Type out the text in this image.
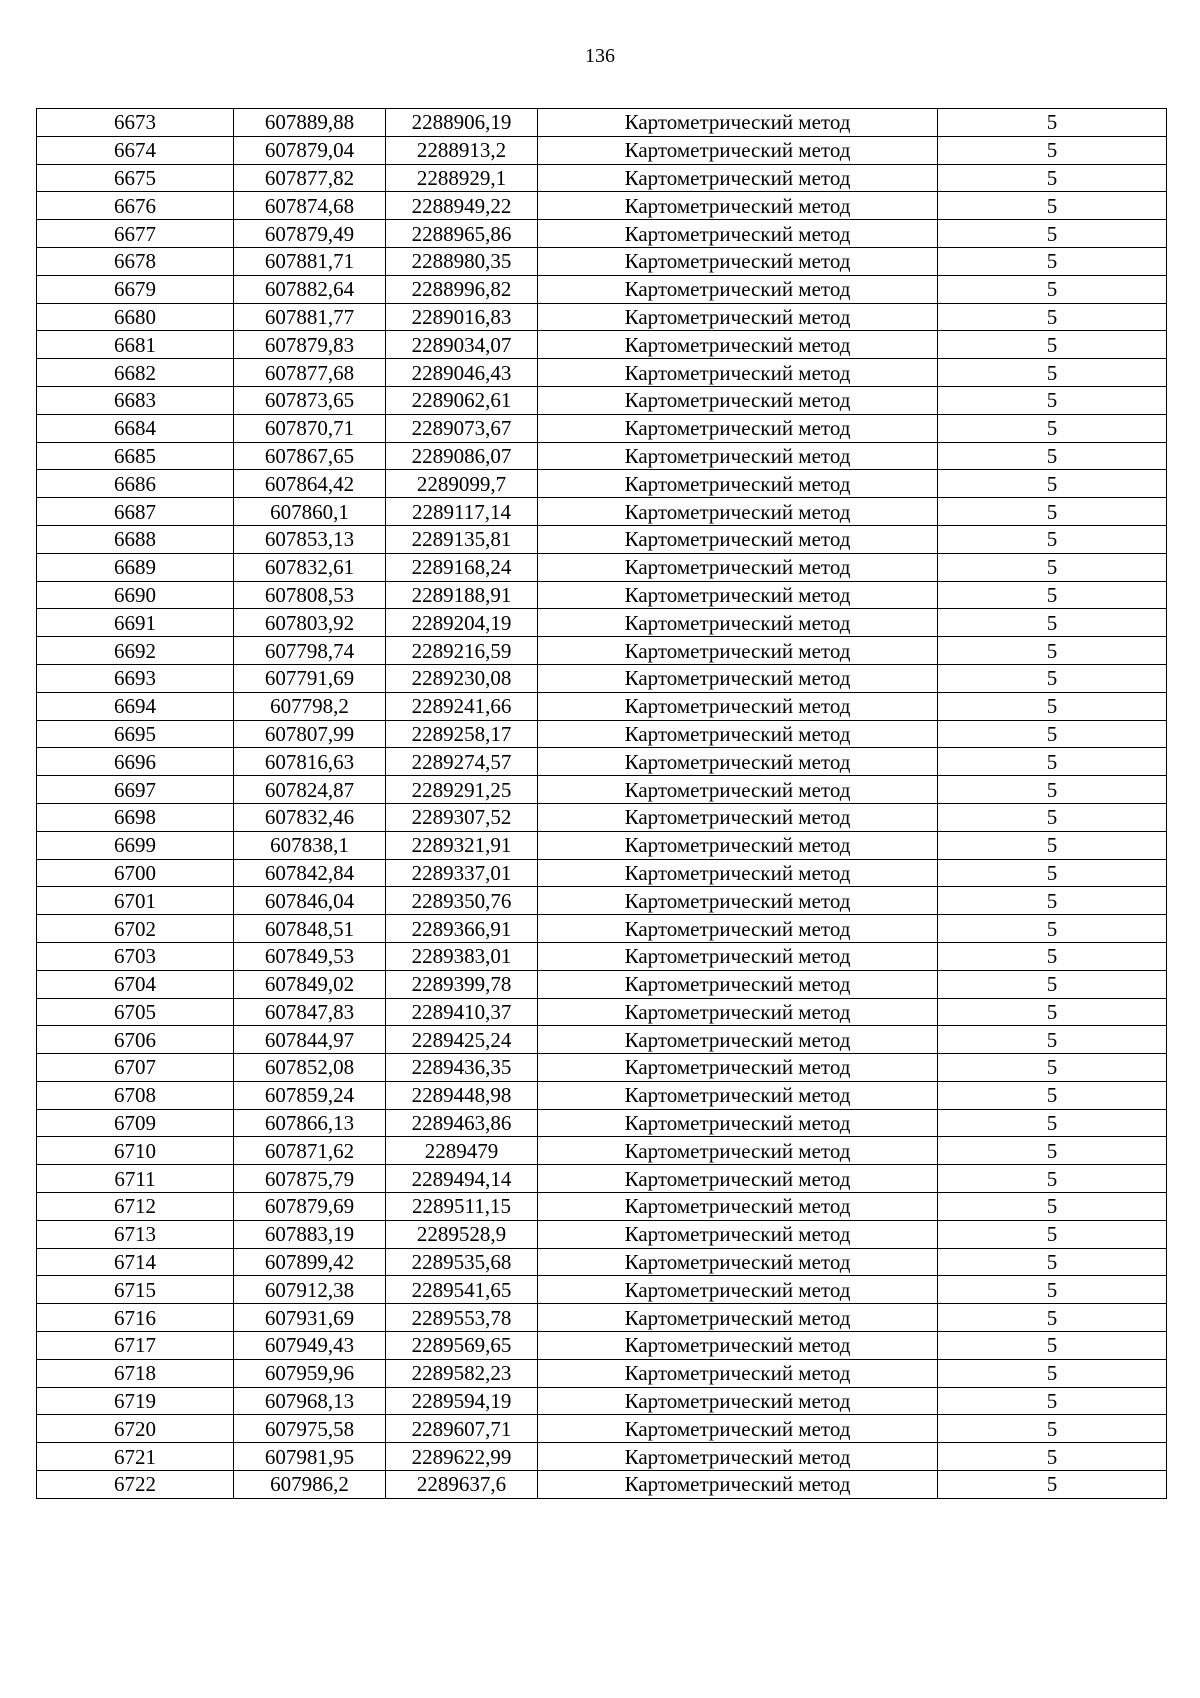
136
6673	607889,88	2288906,19	Картометрический метод	5
6674	607879,04	2288913,2	Картометрический метод	5
6675	607877,82	2288929,1	Картометрический метод	5
6676	607874,68	2288949,22	Картометрический метод	5
6677	607879,49	2288965,86	Картометрический метод	5
6678	607881,71	2288980,35	Картометрический метод	5
6679	607882,64	2288996,82	Картометрический метод	5
6680	607881,77	2289016,83	Картометрический метод	5
6681	607879,83	2289034,07	Картометрический метод	5
6682	607877,68	2289046,43	Картометрический метод	5
6683	607873,65	2289062,61	Картометрический метод	5
6684	607870,71	2289073,67	Картометрический метод	5
6685	607867,65	2289086,07	Картометрический метод	5
6686	607864,42	2289099,7	Картометрический метод	5
6687	607860,1	2289117,14	Картометрический метод	5
6688	607853,13	2289135,81	Картометрический метод	5
6689	607832,61	2289168,24	Картометрический метод	5
6690	607808,53	2289188,91	Картометрический метод	5
6691	607803,92	2289204,19	Картометрический метод	5
6692	607798,74	2289216,59	Картометрический метод	5
6693	607791,69	2289230,08	Картометрический метод	5
6694	607798,2	2289241,66	Картометрический метод	5
6695	607807,99	2289258,17	Картометрический метод	5
6696	607816,63	2289274,57	Картометрический метод	5
6697	607824,87	2289291,25	Картометрический метод	5
6698	607832,46	2289307,52	Картометрический метод	5
6699	607838,1	2289321,91	Картометрический метод	5
6700	607842,84	2289337,01	Картометрический метод	5
6701	607846,04	2289350,76	Картометрический метод	5
6702	607848,51	2289366,91	Картометрический метод	5
6703	607849,53	2289383,01	Картометрический метод	5
6704	607849,02	2289399,78	Картометрический метод	5
6705	607847,83	2289410,37	Картометрический метод	5
6706	607844,97	2289425,24	Картометрический метод	5
6707	607852,08	2289436,35	Картометрический метод	5
6708	607859,24	2289448,98	Картометрический метод	5
6709	607866,13	2289463,86	Картометрический метод	5
6710	607871,62	2289479	Картометрический метод	5
6711	607875,79	2289494,14	Картометрический метод	5
6712	607879,69	2289511,15	Картометрический метод	5
6713	607883,19	2289528,9	Картометрический метод	5
6714	607899,42	2289535,68	Картометрический метод	5
6715	607912,38	2289541,65	Картометрический метод	5
6716	607931,69	2289553,78	Картометрический метод	5
6717	607949,43	2289569,65	Картометрический метод	5
6718	607959,96	2289582,23	Картометрический метод	5
6719	607968,13	2289594,19	Картометрический метод	5
6720	607975,58	2289607,71	Картометрический метод	5
6721	607981,95	2289622,99	Картометрический метод	5
6722	607986,2	2289637,6	Картометрический метод	5
